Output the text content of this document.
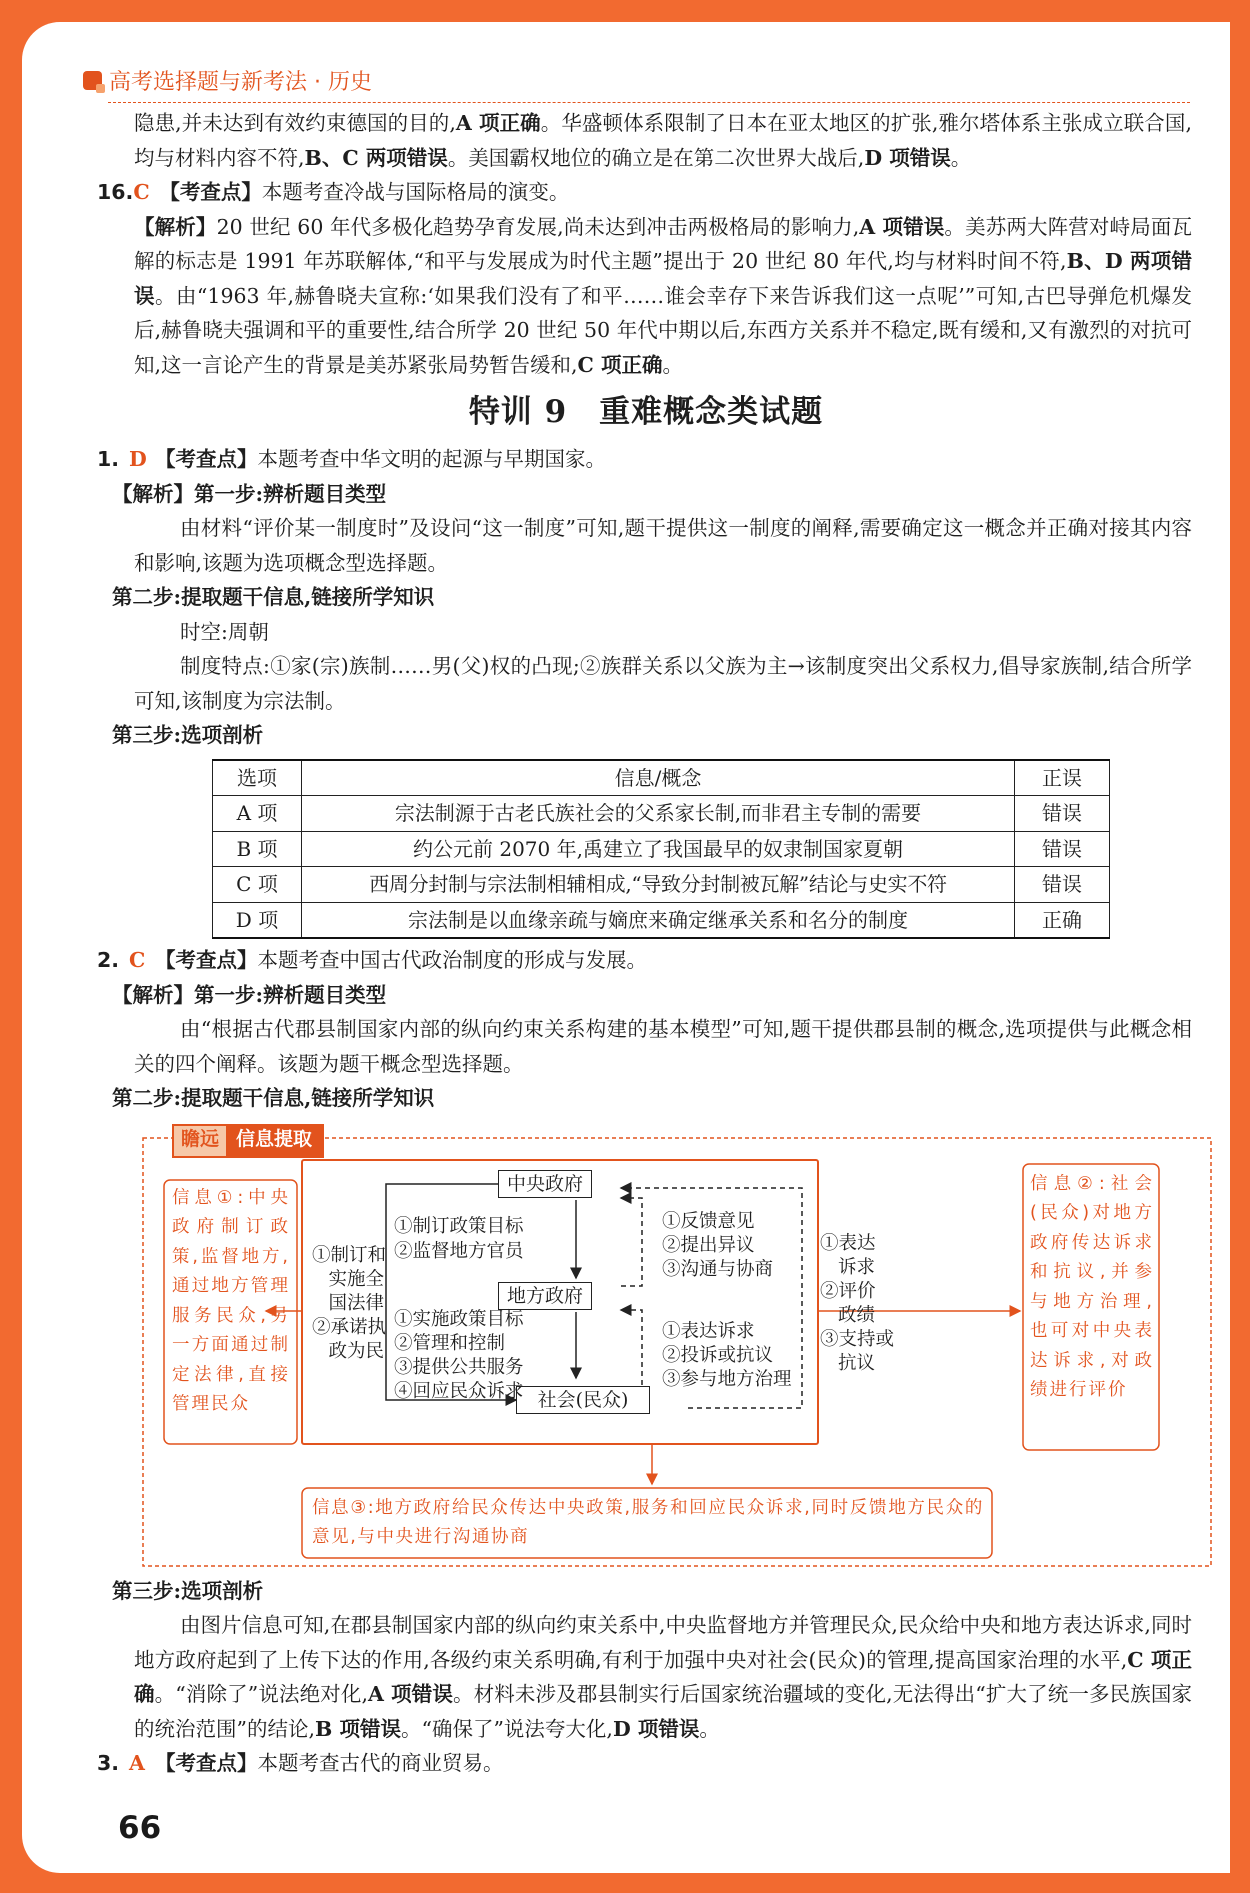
高考选择题与新考法 · 历史

隐患,并未达到有效约束德国的目的,A 项正确。华盛顿体系限制了日本在亚太地区的扩张,雅尔塔体系主张成立联合国,均与材料内容不符,B、C 两项错误。美国霸权地位的确立是在第二次世界大战后,D 项错误。

16.C 【考查点】本题考查冷战与国际格局的演变。

【解析】20 世纪 60 年代多极化趋势孕育发展,尚未达到冲击两极格局的影响力,A 项错误。美苏两大阵营对峙局面瓦解的标志是 1991 年苏联解体,“和平与发展成为时代主题”提出于 20 世纪 80 年代,均与材料时间不符,B、D 两项错误。由“1963 年,赫鲁晓夫宣称:‘如果我们没有了和平……谁会幸存下来告诉我们这一点呢’”可知,古巴导弹危机爆发后,赫鲁晓夫强调和平的重要性,结合所学 20 世纪 50 年代中期以后,东西方关系并不稳定,既有缓和,又有激烈的对抗可知,这一言论产生的背景是美苏紧张局势暂告缓和,C 项正确。

特训 9　重难概念类试题

1. D 【考查点】本题考查中华文明的起源与早期国家。

【解析】第一步:辨析题目类型

由材料“评价某一制度时”及设问“这一制度”可知,题干提供这一制度的阐释,需要确定这一概念并正确对接其内容和影响,该题为选项概念型选择题。

第二步:提取题干信息,链接所学知识

时空:周朝

制度特点:①家(宗)族制……男(父)权的凸现;②族群关系以父族为主→该制度突出父系权力,倡导家族制,结合所学可知,该制度为宗法制。

第三步:选项剖析

选项	信息/概念	正误
A 项	宗法制源于古老氏族社会的父系家长制,而非君主专制的需要	错误
B 项	约公元前 2070 年,禹建立了我国最早的奴隶制国家夏朝	错误
C 项	西周分封制与宗法制相辅相成,“导致分封制被瓦解”结论与史实不符	错误
D 项	宗法制是以血缘亲疏与嫡庶来确定继承关系和名分的制度	正确

2. C 【考查点】本题考查中国古代政治制度的形成与发展。

【解析】第一步:辨析题目类型

由“根据古代郡县制国家内部的纵向约束关系构建的基本模型”可知,题干提供郡县制的概念,选项提供与此概念相关的四个阐释。该题为题干概念型选择题。

第二步:提取题干信息,链接所学知识

瞻远 信息提取
信息①:中央政府制订政策,监督地方,通过地方管理服务民众,另一方面通过制定法律,直接管理民众
信息②:社会(民众)对地方政府传达诉求和抗议,并参与地方治理,也可对中央表达诉求,对政绩进行评价
信息③:地方政府给民众传达中央政策,服务和回应民众诉求,同时反馈地方民众的意见,与中央进行沟通协商
中央政府
地方政府
社会(民众)
①制订和
实施全
国法律
②承诺执
政为民
①制订政策目标
②监督地方官员
①反馈意见
②提出异议
③沟通与协商
①实施政策目标
②管理和控制
③提供公共服务
④回应民众诉求
①表达诉求
②投诉或抗议
③参与地方治理
①表达
诉求
②评价
政绩
③支持或
抗议

第三步:选项剖析

由图片信息可知,在郡县制国家内部的纵向约束关系中,中央监督地方并管理民众,民众给中央和地方表达诉求,同时地方政府起到了上传下达的作用,各级约束关系明确,有利于加强中央对社会(民众)的管理,提高国家治理的水平,C 项正确。“消除了”说法绝对化,A 项错误。材料未涉及郡县制实行后国家统治疆域的变化,无法得出“扩大了统一多民族国家的统治范围”的结论,B 项错误。“确保了”说法夸大化,D 项错误。

3. A 【考查点】本题考查古代的商业贸易。

66
